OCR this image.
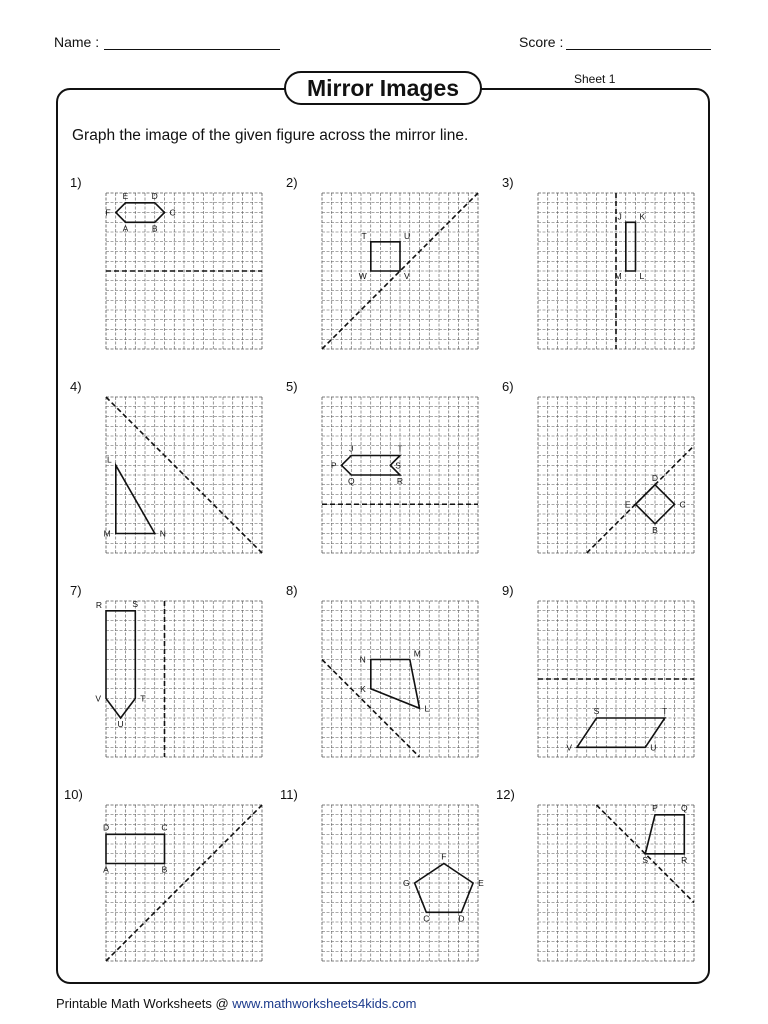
Name :	Score :
Mirror Images	Sheet 1
Graph the image of the given figure across the mirror line.
1)
E	D
C
B
A
F
2)
T	U
V
W
3)
J K
L
M
4)
L
M	N
5)
J	T
S
R
Q
P
6)
D
C
B
E
7)
R	S
T
U
V
8)
N
M
L
K
9)
S	T
U
V
10)
D	C
B
A
11)
F
E
D
C
G
12)
P	Q
R
S
Printable Math Worksheets @ www.mathworksheets4kids.com
